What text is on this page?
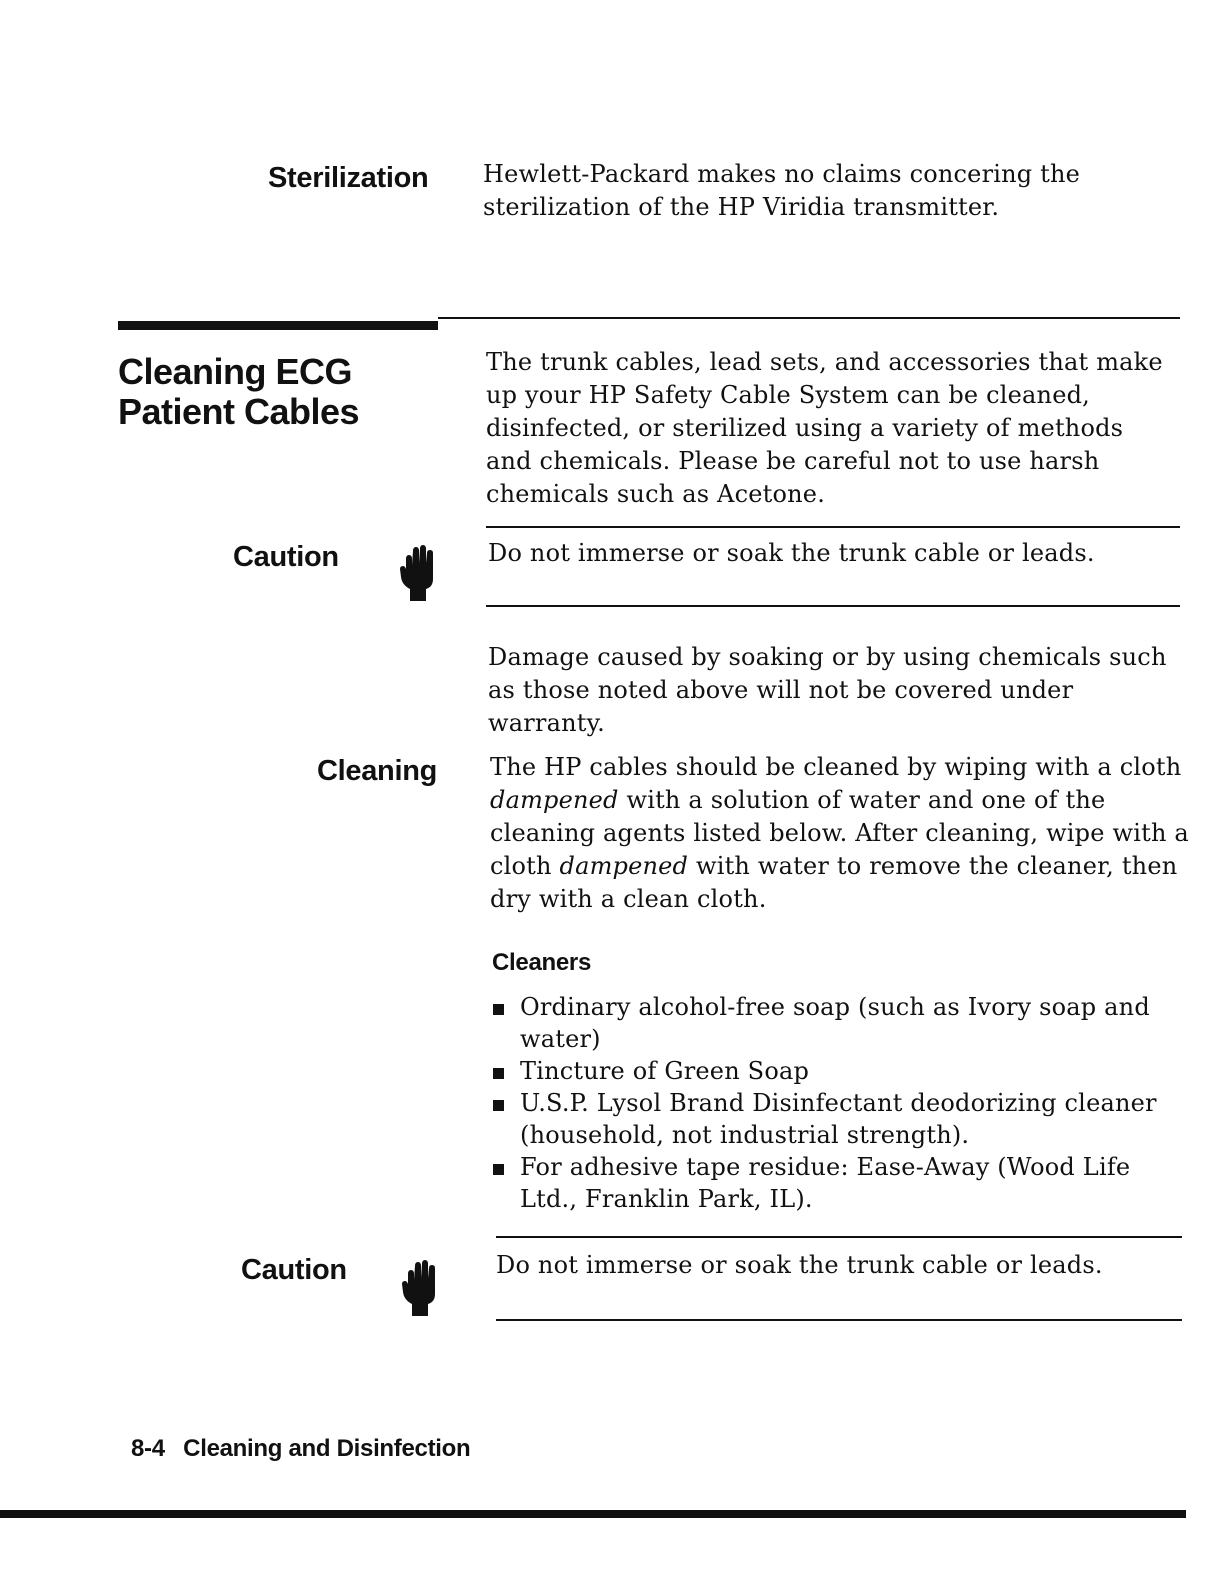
Sterilization Hewlett-Packard makes no claims concering the sterilization of the HP Viridia transmitter.
Cleaning ECG
Patient Cables
The trunk cables, lead sets, and accessories that make up your HP Safety Cable System can be cleaned, disinfected, or sterilized using a variety of methods and chemicals. Please be careful not to use harsh chemicals such as Acetone.
Caution	Do not immerse or soak the trunk cable or leads.
Damage caused by soaking or by using chemicals such as those noted above will not be covered under warranty.
Cleaning The HP cables should be cleaned by wiping with a cloth dampened with a solution of water and one of the cleaning agents listed below. After cleaning, wipe with a cloth dampened with water to remove the cleaner, then dry with a clean cloth.
Cleaners
Ordinary alcohol-free soap (such as Ivory soap and water)
Tincture of Green Soap
U.S.P. Lysol Brand Disinfectant deodorizing cleaner (household, not industrial strength).
For adhesive tape residue: Ease-Away (Wood Life Ltd., Franklin Park, IL).
Caution	Do not immerse or soak the trunk cable or leads.
8-4 Cleaning and Disinfection
